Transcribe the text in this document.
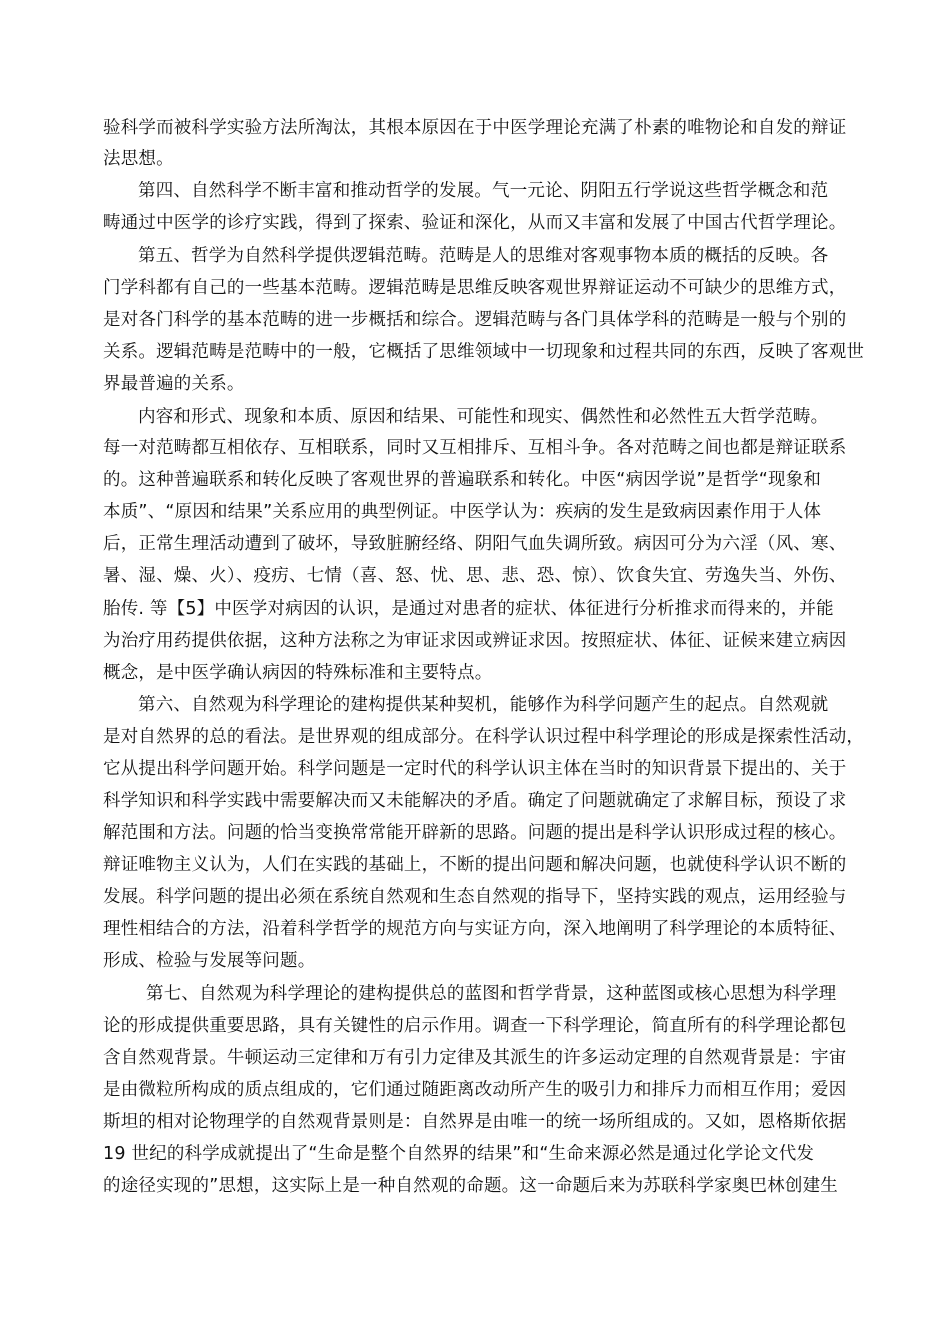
验科学而被科学实验方法所淘汰，其根本原因在于中医学理论充满了朴素的唯物论和自发的辩证
法思想。
第四、自然科学不断丰富和推动哲学的发展。气一元论、阴阳五行学说这些哲学概念和范
畴通过中医学的诊疗实践，得到了探索、验证和深化，从而又丰富和发展了中国古代哲学理论。
第五、哲学为自然科学提供逻辑范畴。范畴是人的思维对客观事物本质的概括的反映。各
门学科都有自己的一些基本范畴。逻辑范畴是思维反映客观世界辩证运动不可缺少的思维方式，
是对各门科学的基本范畴的进一步概括和综合。逻辑范畴与各门具体学科的范畴是一般与个别的
关系。逻辑范畴是范畴中的一般，它概括了思维领域中一切现象和过程共同的东西，反映了客观世
界最普遍的关系。
内容和形式、现象和本质、原因和结果、可能性和现实、偶然性和必然性五大哲学范畴。
每一对范畴都互相依存、互相联系，同时又互相排斥、互相斗争。各对范畴之间也都是辩证联系
的。这种普遍联系和转化反映了客观世界的普遍联系和转化。中医“病因学说”是哲学“现象和
本质”、“原因和结果”关系应用的典型例证。中医学认为：疾病的发生是致病因素作用于人体
后，正常生理活动遭到了破坏，导致脏腑经络、阴阳气血失调所致。病因可分为六淫（风、寒、
暑、湿、燥、火）、疫疠、七情（喜、怒、忧、思、悲、恐、惊）、饮食失宜、劳逸失当、外伤、
胎传. 等【5】中医学对病因的认识，是通过对患者的症状、体征进行分析推求而得来的，并能
为治疗用药提供依据，这种方法称之为审证求因或辨证求因。按照症状、体征、证候来建立病因
概念，是中医学确认病因的特殊标准和主要特点。
第六、自然观为科学理论的建构提供某种契机，能够作为科学问题产生的起点。自然观就
是对自然界的总的看法。是世界观的组成部分。在科学认识过程中科学理论的形成是探索性活动，
它从提出科学问题开始。科学问题是一定时代的科学认识主体在当时的知识背景下提出的、关于
科学知识和科学实践中需要解决而又未能解决的矛盾。确定了问题就确定了求解目标，预设了求
解范围和方法。问题的恰当变换常常能开辟新的思路。问题的提出是科学认识形成过程的核心。
辩证唯物主义认为，人们在实践的基础上，不断的提出问题和解决问题，也就使科学认识不断的
发展。科学问题的提出必须在系统自然观和生态自然观的指导下，坚持实践的观点，运用经验与
理性相结合的方法，沿着科学哲学的规范方向与实证方向，深入地阐明了科学理论的本质特征、
形成、检验与发展等问题。
第七、自然观为科学理论的建构提供总的蓝图和哲学背景，这种蓝图或核心思想为科学理
论的形成提供重要思路，具有关键性的启示作用。调查一下科学理论，简直所有的科学理论都包
含自然观背景。牛顿运动三定律和万有引力定律及其派生的许多运动定理的自然观背景是：宇宙
是由微粒所构成的质点组成的，它们通过随距离改动所产生的吸引力和排斥力而相互作用；爱因
斯坦的相对论物理学的自然观背景则是：自然界是由唯一的统一场所组成的。又如，恩格斯依据
19 世纪的科学成就提出了“生命是整个自然界的结果”和“生命来源必然是通过化学论文代发
的途径实现的”思想，这实际上是一种自然观的命题。这一命题后来为苏联科学家奥巴林创建生
